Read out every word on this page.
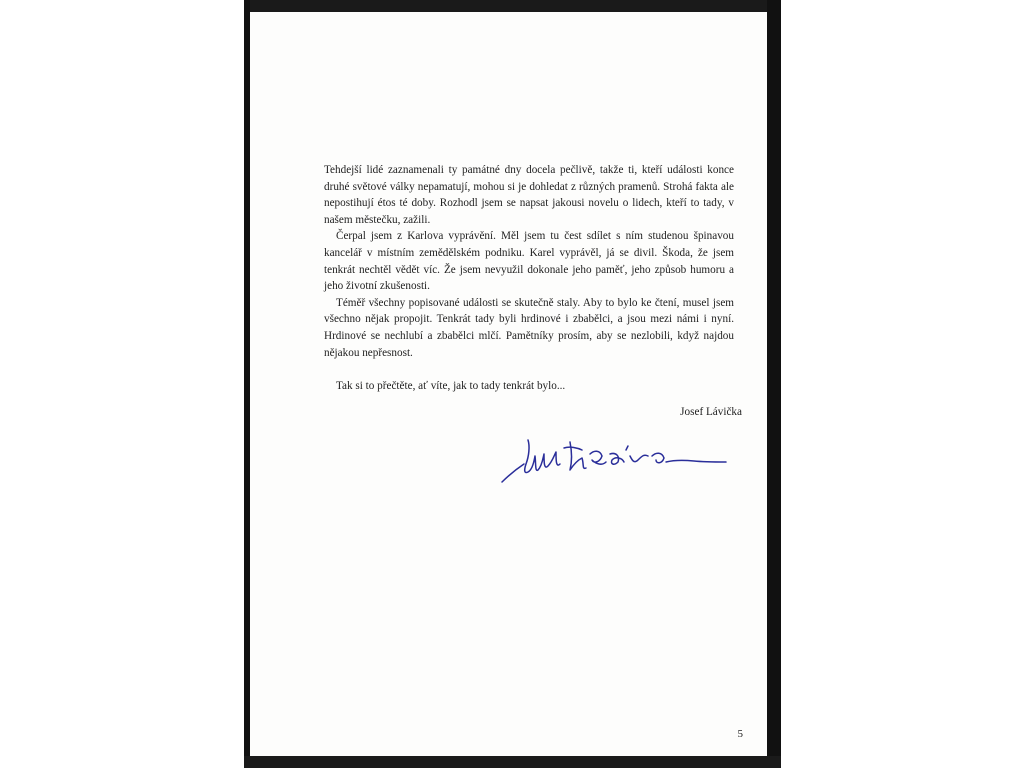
Tehdejší lidé zaznamenali ty památné dny docela pečlivě, takže ti, kteří události konce druhé světové války nepamatují, mohou si je dohledat z různých pramenů. Strohá fakta ale nepostihují étos té doby. Rozhodl jsem se napsat jakousi novelu o lidech, kteří to tady, v našem městečku, zažili.

Čerpal jsem z Karlova vyprávění. Měl jsem tu čest sdílet s ním studenou špinavou kancelář v místním zemědělském podniku. Karel vyprávěl, já se divil. Škoda, že jsem tenkrát nechtěl vědět víc. Že jsem nevyužil dokonale jeho paměť, jeho způsob humoru a jeho životní zkušenosti.

Téměř všechny popisované události se skutečně staly. Aby to bylo ke čtení, musel jsem všechno nějak propojit. Tenkrát tady byli hrdinové i zbabělci, a jsou mezi námi i nyní. Hrdinové se nechlubí a zbabělci mlčí. Pamětníky prosím, aby se nezlobili, když najdou nějakou nepřesnost.

Tak si to přečtěte, ať víte, jak to tady tenkrát bylo...
Josef Lávička
5
